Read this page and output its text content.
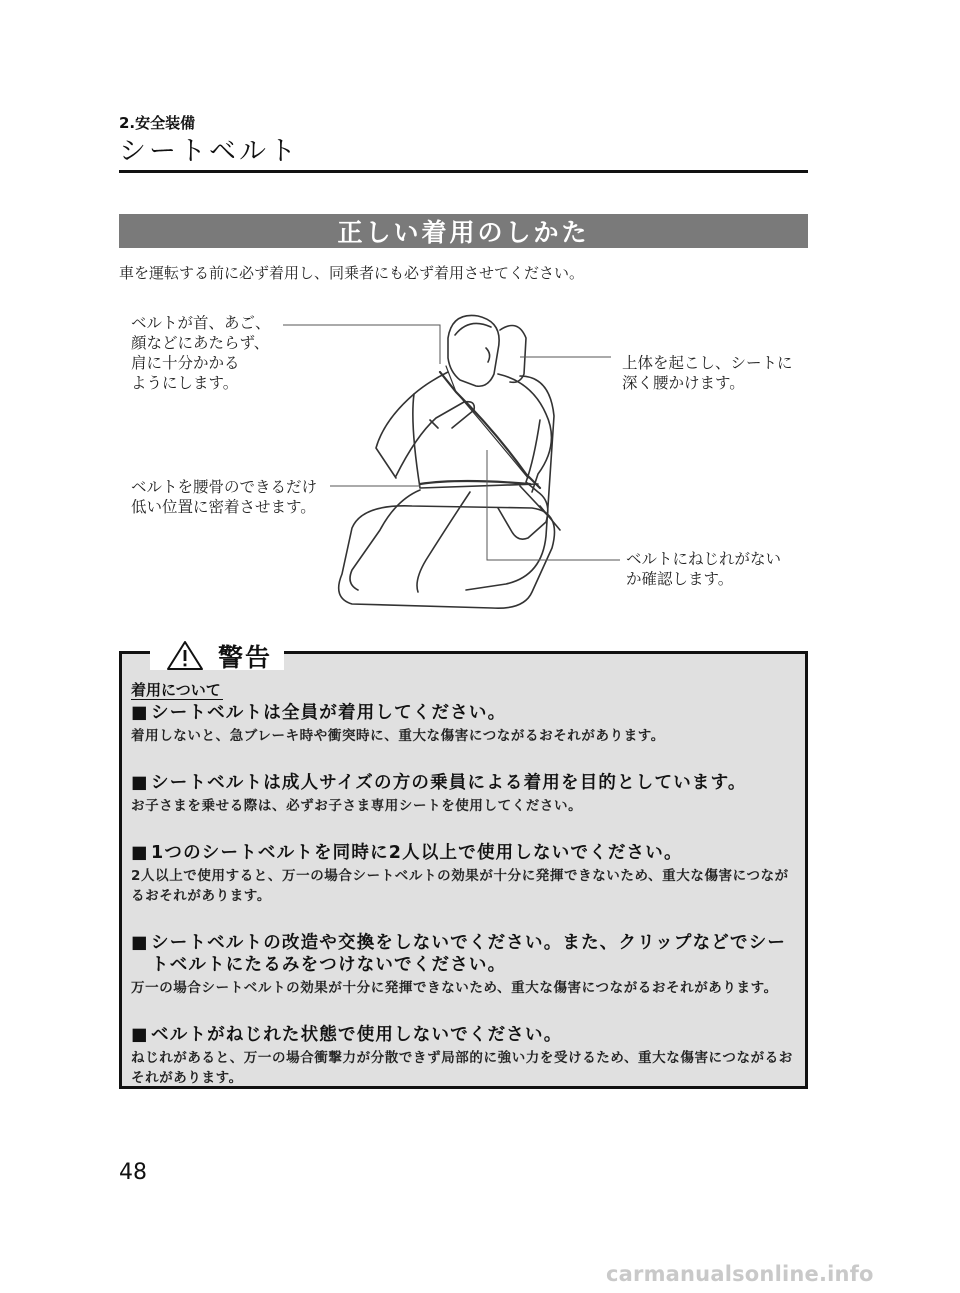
2.安全装備
シートベルト
正しい着用のしかた
車を運転する前に必ず着用し、同乗者にも必ず着用させてください。
ベルトが首、あご、
顔などにあたらず、
肩に十分かかる
ようにします。
上体を起こし、シートに
深く腰かけます。
ベルトを腰骨のできるだけ
低い位置に密着させます。
ベルトにねじれがない
か確認します。
警告
着用について
■ シートベルトは全員が着用してください。
着用しないと、急ブレーキ時や衝突時に、重大な傷害につながるおそれがあります。
■ シートベルトは成人サイズの方の乗員による着用を目的としています。
お子さまを乗せる際は、必ずお子さま専用シートを使用してください。
■ 1つのシートベルトを同時に2人以上で使用しないでください。
2人以上で使用すると、万一の場合シートベルトの効果が十分に発揮できないため、重大な傷害につながるおそれがあります。
■ シートベルトの改造や交換をしないでください。また、クリップなどでシートベルトにたるみをつけないでください。
万一の場合シートベルトの効果が十分に発揮できないため、重大な傷害につながるおそれがあります。
■ ベルトがねじれた状態で使用しないでください。
ねじれがあると、万一の場合衝撃力が分散できず局部的に強い力を受けるため、重大な傷害につながるおそれがあります。
48
carmanualsonline.info
